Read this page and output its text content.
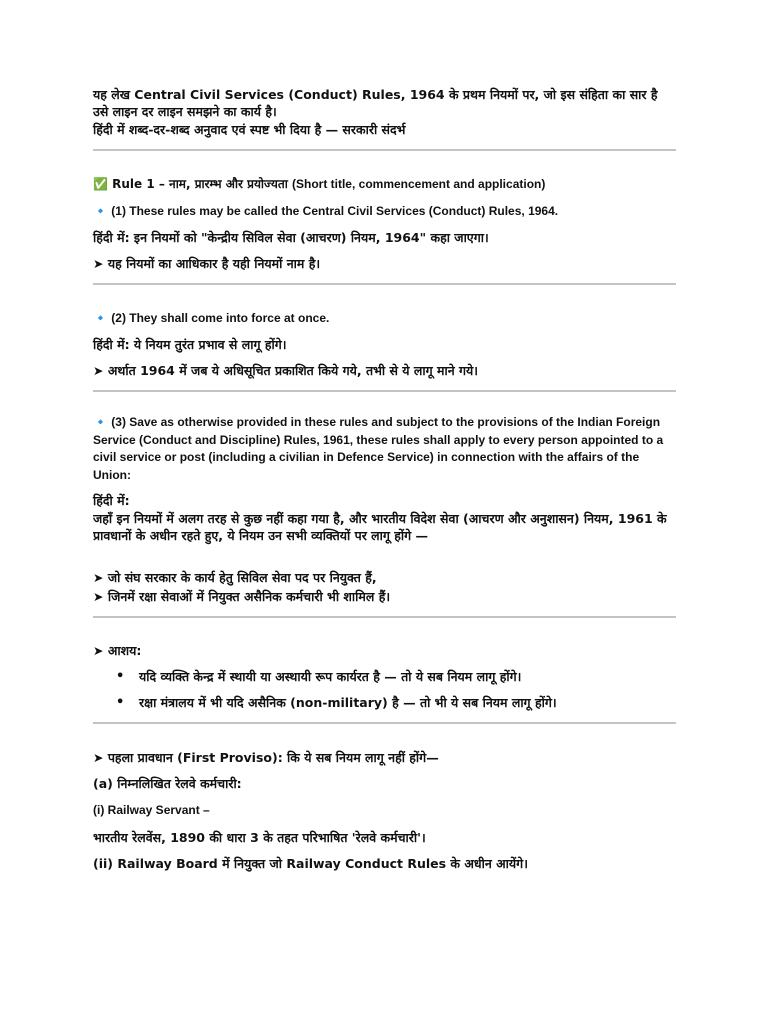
यह लेख Central Civil Services (Conduct) Rules, 1964 के प्रथम नियमों पर, जो इस संहिता का सार है उसे लाइन दर लाइन समझने का कार्य है।

हिंदी में शब्द-दर-शब्द अनुवाद एवं स्पष्ट भी दिया है — सरकारी संदर्भ

✅ Rule 1 – नाम, प्रारम्भ और प्रयोज्यता (Short title, commencement and application)

🔹 (1) These rules may be called the Central Civil Services (Conduct) Rules, 1964.

हिंदी में: इन नियमों को "केन्द्रीय सिविल सेवा (आचरण) नियम, 1964" कहा जाएगा।

➤ यह नियमों का आधिकार है यही नियमों नाम है।

🔹 (2) They shall come into force at once.

हिंदी में: ये नियम तुरंत प्रभाव से लागू होंगे।

➤ अर्थात 1964 में जब ये अधिसूचित प्रकाशित किये गये, तभी से ये लागू माने गये।

🔹 (3) Save as otherwise provided in these rules and subject to the provisions of the Indian Foreign Service (Conduct and Discipline) Rules, 1961, these rules shall apply to every person appointed to a civil service or post (including a civilian in Defence Service) in connection with the affairs of the Union:

हिंदी में:

जहाँ इन नियमों में अलग तरह से कुछ नहीं कहा गया है, और भारतीय विदेश सेवा (आचरण और अनुशासन) नियम, 1961 के प्रावधानों के अधीन रहते हुए, ये नियम उन सभी व्यक्तियों पर लागू होंगे —

➤ जो संघ सरकार के कार्य हेतु सिविल सेवा पद पर नियुक्त हैं,

➤ जिनमें रक्षा सेवाओं में नियुक्त असैनिक कर्मचारी भी शामिल हैं।

➤ आशय:

• यदि व्यक्ति केन्द्र में स्थायी या अस्थायी रूप कार्यरत है — तो ये सब नियम लागू होंगे।
• रक्षा मंत्रालय में भी यदि असैनिक (non-military) है — तो भी ये सब नियम लागू होंगे।

➤ पहला प्रावधान (First Proviso): कि ये सब नियम लागू नहीं होंगे—

(a) निम्नलिखित रेलवे कर्मचारी:

(i) Railway Servant –

भारतीय रेलवेंस, 1890 की धारा 3 के तहत परिभाषित 'रेलवे कर्मचारी'।

(ii) Railway Board में नियुक्त जो Railway Conduct Rules के अधीन आयेंगे।
